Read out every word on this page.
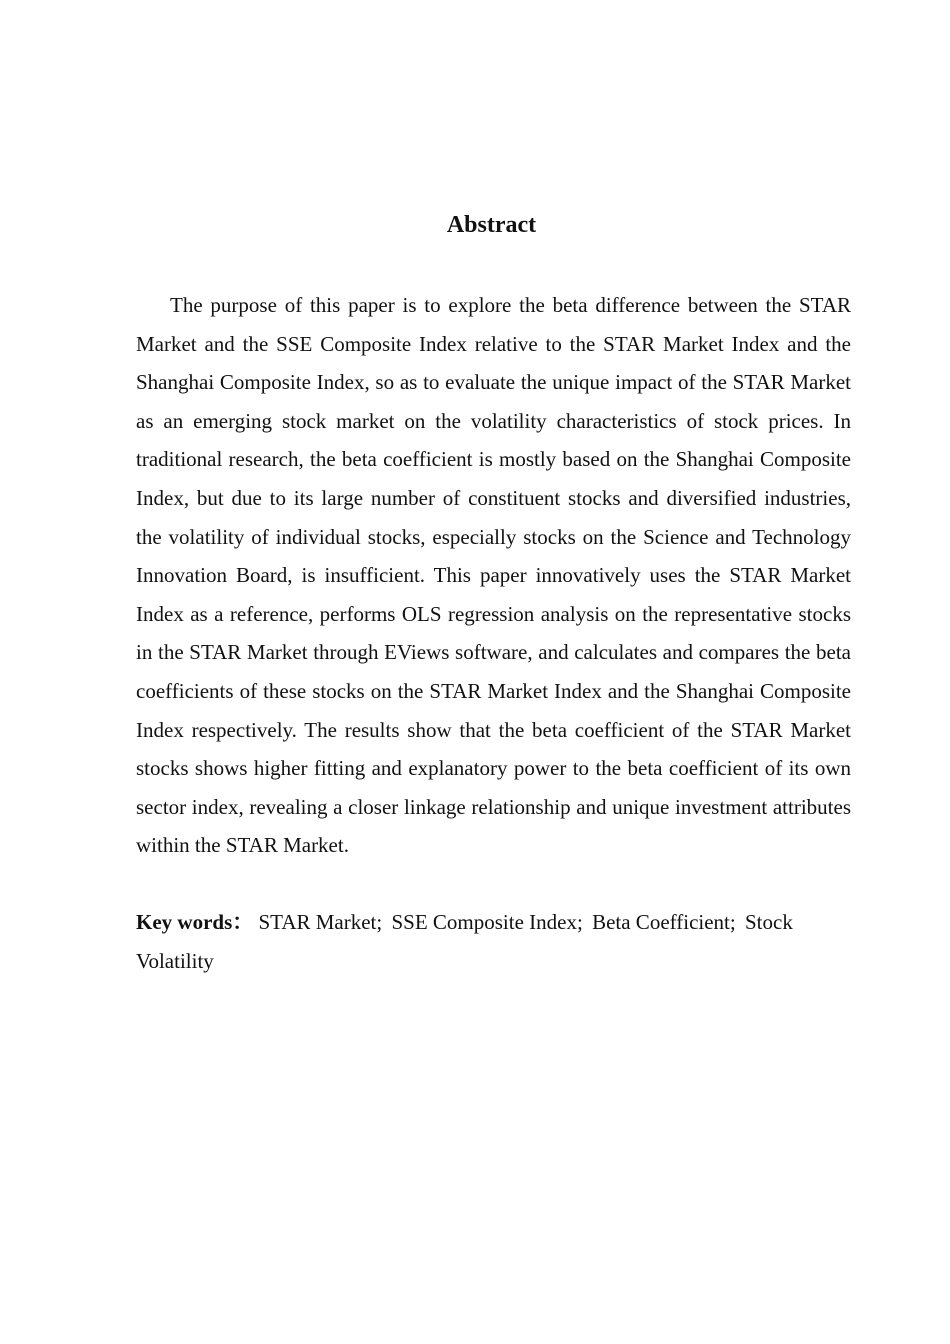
Abstract

The purpose of this paper is to explore the beta difference between the STAR Market and the SSE Composite Index relative to the STAR Market Index and the Shanghai Composite Index, so as to evaluate the unique impact of the STAR Market as an emerging stock market on the volatility characteristics of stock prices. In traditional research, the beta coefficient is mostly based on the Shanghai Composite Index, but due to its large number of constituent stocks and diversified industries, the volatility of individual stocks, especially stocks on the Science and Technology Innovation Board, is insufficient. This paper innovatively uses the STAR Market Index as a reference, performs OLS regression analysis on the representative stocks in the STAR Market through EViews software, and calculates and compares the beta coefficients of these stocks on the STAR Market Index and the Shanghai Composite Index respectively. The results show that the beta coefficient of the STAR Market stocks shows higher fitting and explanatory power to the beta coefficient of its own sector index, revealing a closer linkage relationship and unique investment attributes within the STAR Market.

Key words： STAR Market; SSE Composite Index; Beta Coefficient; Stock Volatility
